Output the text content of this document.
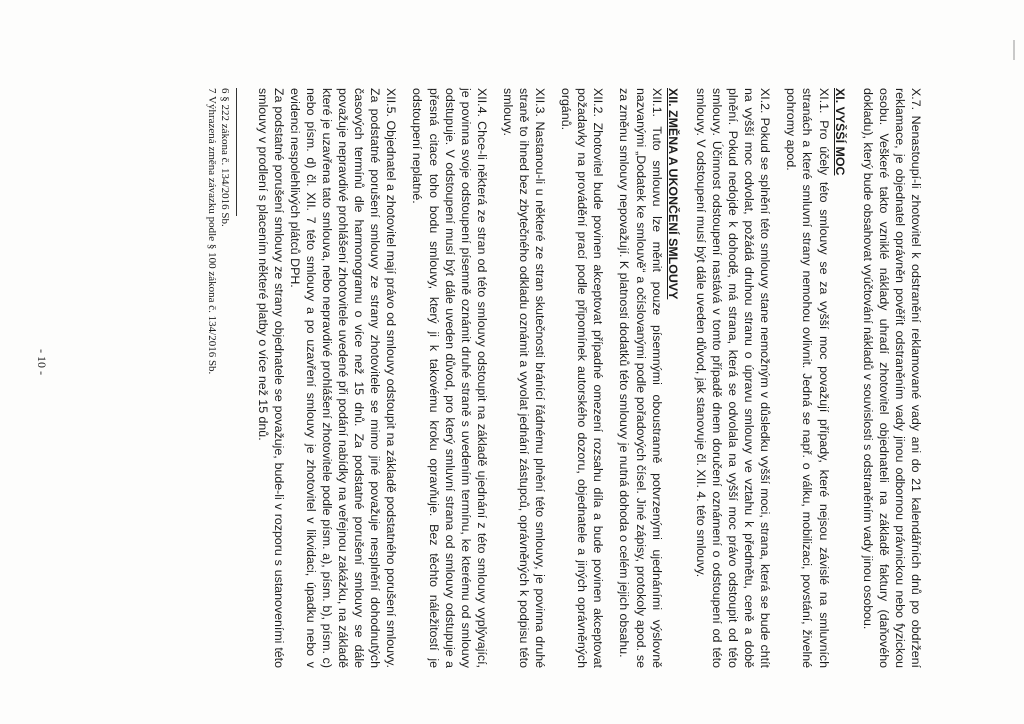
X.7. Nenastoupí-li zhotovitel k odstranění reklamované vady ani do 21 kalendářních dnů po obdržení reklamace, je objednatel oprávněn pověřit odstraněním vady jinou odbornou právnickou nebo fyzickou osobu. Veškeré takto vzniklé náklady uhradí zhotovitel objednateli na základě faktury (daňového dokladu), který bude obsahovat vyúčtování nákladů v souvislosti s odstraněním vady jinou osobou.

XI. VYŠŠÍ MOC

XI.1. Pro účely této smlouvy se za vyšší moc považují případy, které nejsou závislé na smluvních stranách a které smluvní strany nemohou ovlivnit. Jedná se např. o válku, mobilizaci, povstání, živelné pohromy apod.

XI.2. Pokud se splnění této smlouvy stane nemožným v důsledku vyšší moci, strana, která se bude chtít na vyšší moc odvolat, požádá druhou stranu o úpravu smlouvy ve vztahu k předmětu, ceně a době plnění. Pokud nedojde k dohodě, má strana, která se odvolala na vyšší moc právo odstoupit od této smlouvy. Účinnost odstoupení nastává v tomto případě dnem doručení oznámení o odstoupení od této smlouvy. V odstoupení musí být dále uveden důvod, jak stanovuje čl. XII. 4. této smlouvy.

XII. ZMĚNA A UKONČENÍ SMLOUVY

XII.1. Tuto smlouvu lze měnit pouze písemnými oboustranně potvrzenými ujednáními výslovně nazvanými „Dodatek ke smlouvě“ a očíslovanými podle pořadových čísel. Jiné zápisy, protokoly apod. se za změnu smlouvy nepovažují. K platnosti dodatků této smlouvy je nutná dohoda o celém jejich obsahu.

XII.2. Zhotovitel bude povinen akceptovat případné omezení rozsahu díla a bude povinen akceptovat požadavky na provádění prací podle připomínek autorského dozoru, objednatele a jiných oprávněných orgánů.

XII.3. Nastanou-li u některé ze stran skutečnosti bránící řádnému plnění této smlouvy, je povinna druhé straně to ihned bez zbytečného odkladu oznámit a vyvolat jednání zástupců, oprávněných k podpisu této smlouvy.

XII.4. Chce-li některá ze stran od této smlouvy odstoupit na základě ujednání z této smlouvy vyplývající, je povinna svoje odstoupení písemně oznámit druhé straně s uvedením termínu, ke kterému od smlouvy odstupuje. V odstoupení musí být dále uveden důvod, pro který smluvní strana od smlouvy odstupuje a přesná citace toho bodu smlouvy, který ji k takovému kroku opravňuje. Bez těchto náležitostí je odstoupení neplatné.

XII.5. Objednatel a zhotovitel mají právo od smlouvy odstoupit na základě podstatného porušení smlouvy. Za podstatné porušení smlouvy ze strany zhotovitele se mimo jiné považuje nesplnění dohodnutých časových termínů dle harmonogramu o více než 15 dnů. Za podstatné porušení smlouvy se dále považuje nepravdivé prohlášení zhotovitele uvedené při podání nabídky na veřejnou zakázku, na základě které je uzavřena tato smlouva, nebo nepravdivé prohlášení zhotovitele podle písm. a), písm. b), písm. c) nebo písm. d) čl. XII. 7 této smlouvy a po uzavření smlouvy je zhotovitel v likvidaci, úpadku nebo v evidenci nespolehlivých plátců DPH.

Za podstatné porušení smlouvy ze strany objednatele se považuje, bude-li v rozporu s ustanoveními této smlouvy v prodlení s placením některé platby o více než 15 dnů.

6 § 222 zákona č. 134/2016 Sb.

7 Výhrazená změna závazku podle § 100 zákona č. 134/2016 Sb.

- 10 -
